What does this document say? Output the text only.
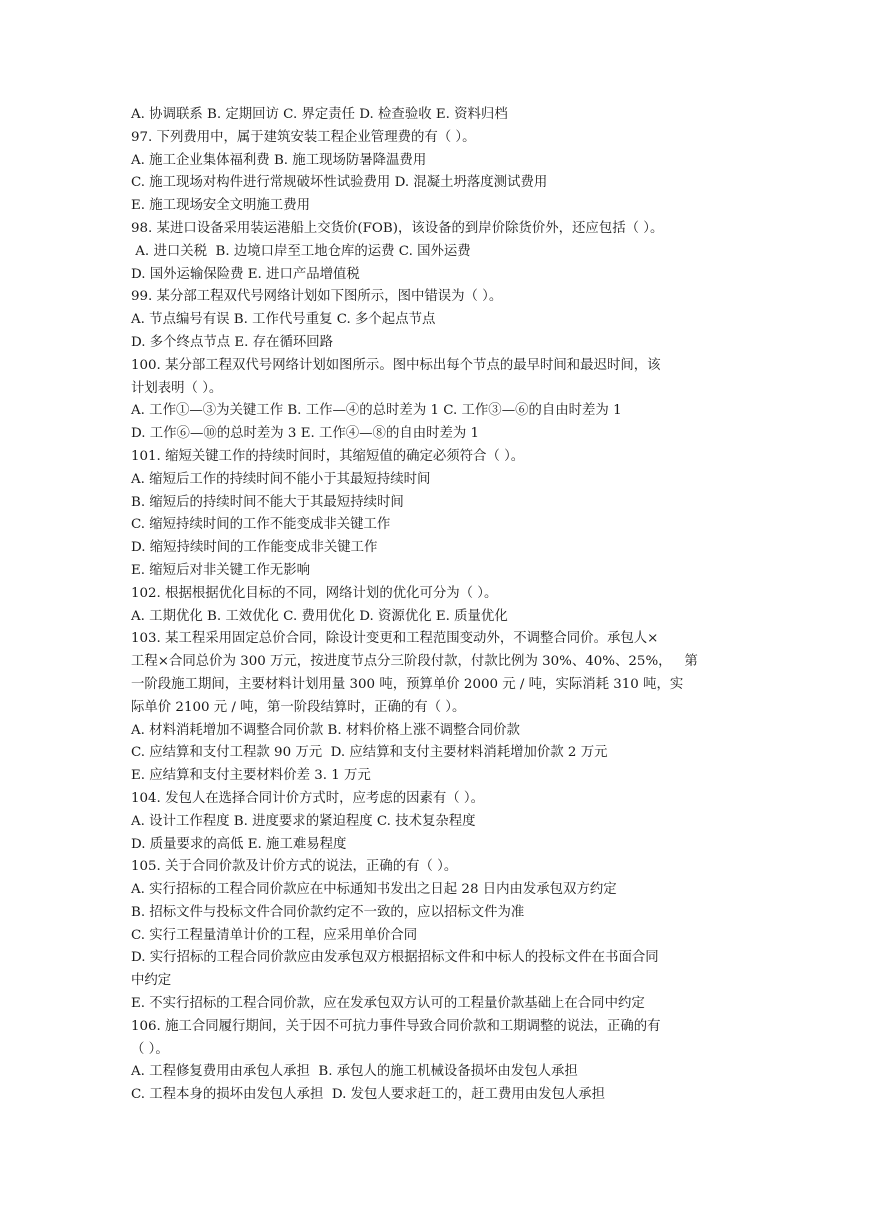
A. 协调联系 B. 定期回访 C. 界定责任 D. 检查验收 E. 资料归档
97. 下列费用中，属于建筑安装工程企业管理费的有（ ）。
A. 施工企业集体福利费 B. 施工现场防暑降温费用
C. 施工现场对构件进行常规破坏性试验费用 D. 混凝土坍落度测试费用
E. 施工现场安全文明施工费用
98. 某进口设备采用装运港船上交货价(FOB)，该设备的到岸价除货价外，还应包括（ ）。
A. 进口关税  B. 边境口岸至工地仓库的运费 C. 国外运费
D. 国外运输保险费 E. 进口产品增值税
99. 某分部工程双代号网络计划如下图所示，图中错误为（ ）。
A. 节点编号有误 B. 工作代号重复 C. 多个起点节点
D. 多个终点节点 E. 存在循环回路
100. 某分部工程双代号网络计划如图所示。图中标出每个节点的最早时间和最迟时间，该
计划表明（ ）。
A. 工作①—③为关键工作 B. 工作—④的总时差为 1 C. 工作③—⑥的自由时差为 1
D. 工作⑥—⑩的总时差为 3 E. 工作④—⑧的自由时差为 1
101. 缩短关键工作的持续时间时，其缩短值的确定必须符合（ ）。
A. 缩短后工作的持续时间不能小于其最短持续时间
B. 缩短后的持续时间不能大于其最短持续时间
C. 缩短持续时间的工作不能变成非关键工作
D. 缩短持续时间的工作能变成非关键工作
E. 缩短后对非关键工作无影响
102. 根据根据优化目标的不同，网络计划的优化可分为（ ）。
A. 工期优化 B. 工效优化 C. 费用优化 D. 资源优化 E. 质量优化
103. 某工程采用固定总价合同，除设计变更和工程范围变动外，不调整合同价。承包人×
工程×合同总价为 300 万元，按进度节点分三阶段付款，付款比例为 30%、40%、25%，   第
一阶段施工期间，主要材料计划用量 300 吨，预算单价 2000 元 / 吨，实际消耗 310 吨，实
际单价 2100 元 / 吨，第一阶段结算时，正确的有（ ）。
A. 材料消耗增加不调整合同价款 B. 材料价格上涨不调整合同价款
C. 应结算和支付工程款 90 万元  D. 应结算和支付主要材料消耗增加价款 2 万元
E. 应结算和支付主要材料价差 3. 1 万元
104. 发包人在选择合同计价方式时，应考虑的因素有（ ）。
A. 设计工作程度 B. 进度要求的紧迫程度 C. 技术复杂程度
D. 质量要求的高低 E. 施工难易程度
105. 关于合同价款及计价方式的说法，正确的有（ ）。
A. 实行招标的工程合同价款应在中标通知书发出之日起 28 日内由发承包双方约定
B. 招标文件与投标文件合同价款约定不一致的，应以招标文件为准
C. 实行工程量清单计价的工程，应采用单价合同
D. 实行招标的工程合同价款应由发承包双方根据招标文件和中标人的投标文件在书面合同
中约定
E. 不实行招标的工程合同价款，应在发承包双方认可的工程量价款基础上在合同中约定
106. 施工合同履行期间，关于因不可抗力事件导致合同价款和工期调整的说法，正确的有
（ ）。
A. 工程修复费用由承包人承担  B. 承包人的施工机械设备损坏由发包人承担
C. 工程本身的损坏由发包人承担  D. 发包人要求赶工的，赶工费用由发包人承担
